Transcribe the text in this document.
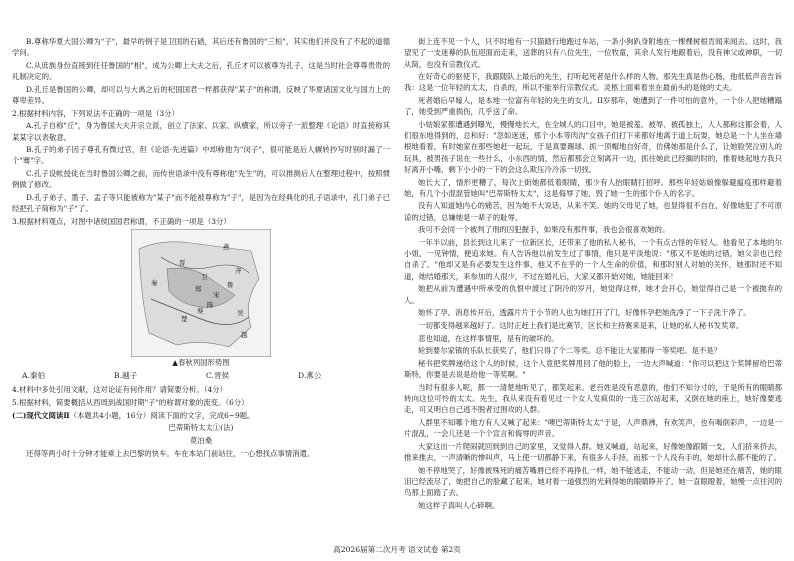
B.尊称华夏大国公卿为"子"，最早的例子是卫国的石碏，其后还有鲁国的"三桓"，其实他们并没有了不起的道德学问。

C.从庶族身份直接到任任鲁国的"相"，成为公卿上大夫之后，孔丘才可以被尊为孔子，这是当时社会尊尊贵贵的礼制决定的。

D.孔丘是鲁国的公卿，却可以与大禹之后的杞国国君一样都获得"某子"的称谓，反映了华夏诸国文化与国力上的尊卑差异。

2.根据材料内容，下列说法不正确的一项是（3分）

A.孔子自称"丘"，身为鲁国大夫开宗立派，创立了法家、兵家、纵横家，所以旁子一派整理《论语》时直接称其某某字以表敬意。

B.孔子的弟子因子尊孔有微过官，但《论语·先进篇》中却称他为"闵子"，很可能是后人辗转抄写时别时漏了一个"骞"字。

C.孔子设帐授徒在当时鲁国公卿之前，而传世语录中没有尊称他"先生"的，可以推测后人在整理过程中，按照惯例做了修改。

D.孔子弟子、墨子、孟子等只能被称为"某子"而不能被尊称为"子"，是因为在经典化的孔子语录中，孔门弟子已经把孔子简称为"子"了。

3.根据材料观点，对图中诸侯国国君称谓，不正确的一项是（3分）

燕
晋
齐
鲁
宋
郑
卫
秦
楚
吴
越
陈
蔡

▲春秋列国形势图

A.秦伯	B.越子	C.晋侯	D.燕公

4.材料中多处引用文献，这对论证有何作用？请简要分析。（4分）

5.根据材料，简要概括从西周到战国时期"子"的称谓对象的流变。（6分）

(二)现代文阅读Ⅱ（本题共4小题，16分）阅读下面的文字，完成6~9题。

巴蒂斯特太太①(法)

莫泊桑

还得等两小时十分钟才能乘上去巴黎的快车。车在本站门前站住，一心想找点事情消遣。

街上连不见一个人，只不时地有一只猫踏行地跑过车站，一条小狗趴身附地在一棵棵树根肯闻来闻去。这时，我望见了一支迷幕的队伍迎面而走来，送葬的只有八位先生，一位牧童，其余人发行地跟着后，没有神父或神职，一切从简，也没有宗教仪式。

在好奇心的驱使下，我跟随队上最后的先生，打听起死者是什么样的人物。那先生真是热心肠，他低低声音告诉我：这是一位年轻的太太，自杀的，所以不能举行宗教仪式。灵柩上面乘着坐在最前头的是她的丈夫。

死者婚后早嫁人，是本地一位富有年轻的先生的女儿。II岁那年，她遭到了一件可怕的意外，一个仆人把她糟蹋了，她受到严重损伤，几乎送了命。

小姑娘家都遭遇到曝光，慢慢地长大，在全城人的口目中，她是被羞、被辱、被孤独上，人人都称这都会着，人们很东地得到的，总和好："忽如迷迷，那个小本等肉沟"女孩子们打下来都好地离于道上玩耍，她总是一个人坐在墙根地看着，有时她家在那些她赶一起玩，于是真要踢球、抓一顶帽地自好奇，仿佛她那是什么了，让她脸哭泣别人的玩具，被男孩子说在一些什么，小东西的情，然后都那会立刻离开一边，抓住她此已经搁的时的，推着她起地方我只好离开小嘴，剩下小小的一下的会这么欺压冷冷冻一切找。

她长大了，情形更糟了，每次上街她都低着眼睛，那少有人抬眼睛打招呼。那些年轻姑娘像躲避瘟疫那样避着她，有几个小混混管她叫"巴蒂斯特太太"，这是侮辱了她，毁了她一生的那个仆人的名字。

没有人知道她内心的痛苦，因为她不大说话，从来不笑。她的父母见了她，也显得很不自在，好像她犯了不可原谅的过错，总嫌她是一辈子的耻辱。

我可不会同一个被判了刑的囚犯握手，如果没有那件事，我也会很喜欢她的。

一年半以前，县长到这儿来了一位新区长，还带来了他的私人秘书，一个有点古怪的年轻人。他看见了本地的尔小姐，一见钟情，便追求她。有人告诉他以前发生过了事情，他只是平淡地说："那又不是她的过错，她父亲也已经自杀了。"他却又是有必要发生这件事，他又不在乎的一个人生命的价值，和那时别人对她的关怀，她那时还不知道，她结婚那天，来参加的人很少，不过在婚礼后，大家又都开始对她，她能回来！

她把从前为遭遇中所承受的仇恨中渡过了阴冷的岁月，她觉得这样，她才会开心，她觉得自己是一个被抛弃的人。

她怀了孕。消息传开后，透露片片于小节的人也为她打开了门，好像怀孕把她洗净了一下子洗干净了。

一切都变得越来越好了。这时正赶上我们是比赛节，区长和主持赛来是来，让她的私人秘书发奖章。

悲也知道，在这样事情里，是有的破坏的。

轮到要尔家镇的乐队长获奖了，他们只得了个二等奖。总不能让大家都得一等奖吧。是不是？

秘书把奖牌递给这个人的时候，这个人竟把奖牌甩回了他的脸上，一边大声喊道："你可以把这个奖牌留给巴蒂斯特，你要是去说是给他一等奖啊。"

当时有很多人呢，都一一清楚地听见了，都笑起来。老百姓是没有恶意的，他们不知分寸的，于是所有的眼睛都转向这位可怜的太太。先生，我从来没有看见过一个女人发疯似的一连三次站起来，又倒在她的座上，她好像要逃走，可又明白自己逃不脱者过围攻的人群。

人群里不知哪个地方有人又喊了起来："噢巴蒂斯特太太"于是，人声鼎沸，有欢笑声，也有喝倒彩声，一边是一片混乱，一会儿还是一个个宣言和侮辱的声音。

大家这出一片爬闹就回到到自己的家里，又觉得人群。她又喊道，站起来，好像她像跟随一支，人们挤来挤去，推来推去，一声清晰的惨叫声，马上使一切都静下来，有很多人手持，而那一个人没有手的，她却什么都不能的了。

她不停地哭了，好像被殊死的痛苦嘴唇已经不再挣扎一样，她不能逃走，不能动一动，但是她还在痛苦，她的眼泪已经流尽了，她把自己的脸藏了起来，她对着一道强烈的光刺得她的眼睛睁开了，她一直眼瞪着，她慢一点往河的鸟那上面踏了去。

她这样子真叫人心碎啊。

高2026届第二次月考 语文试卷 第2页
